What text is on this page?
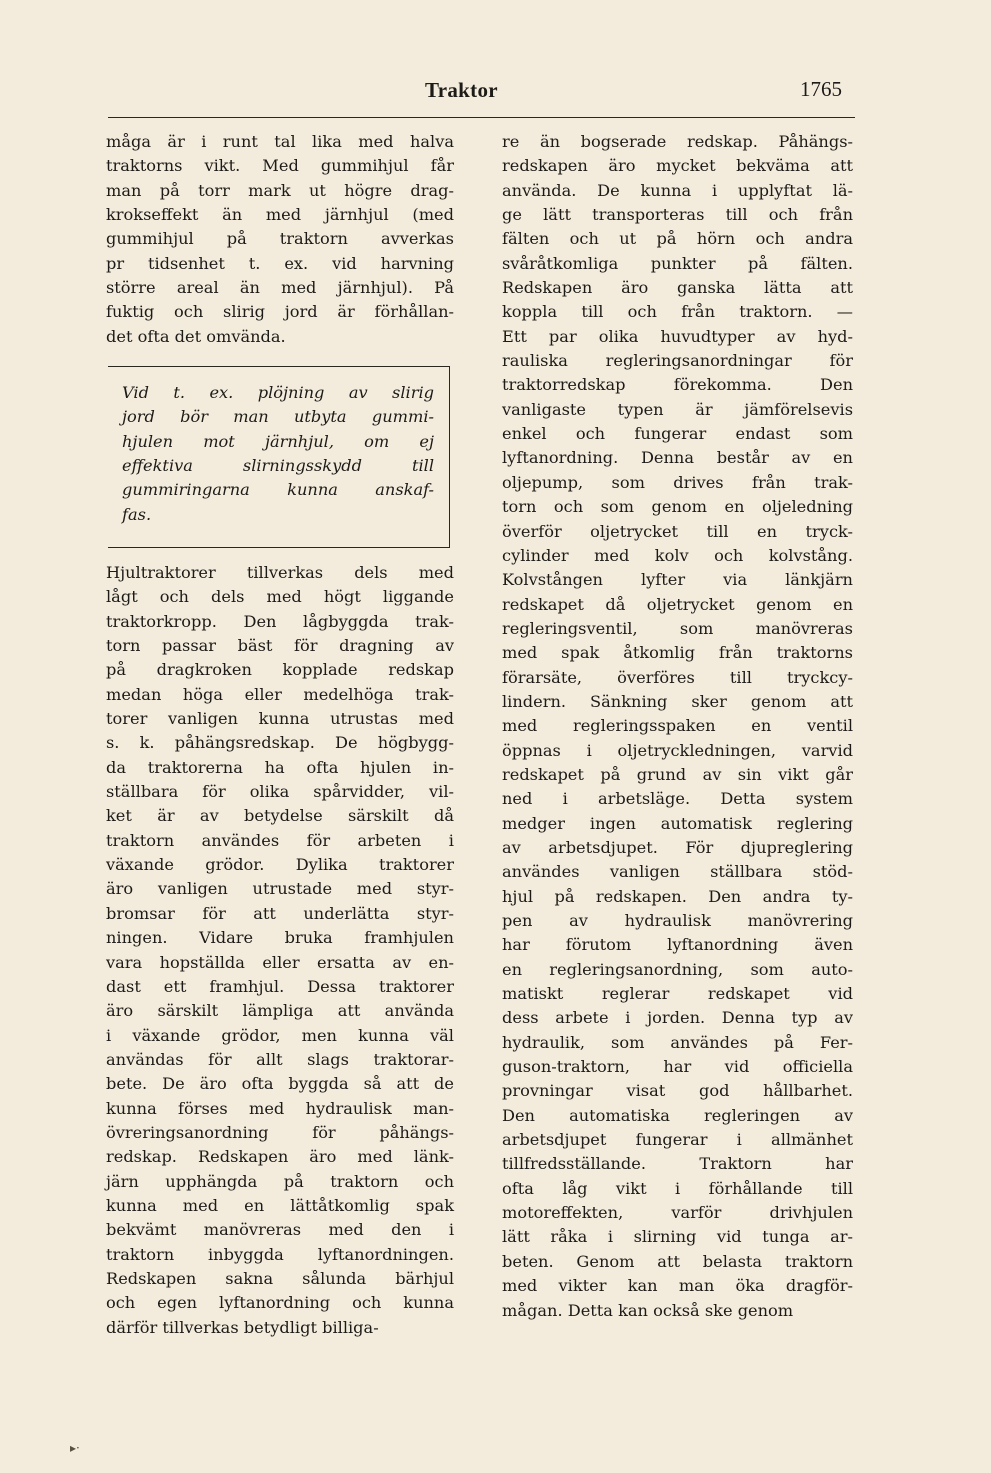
Traktor	1765
måga är i runt tal lika med halva
traktorns vikt. Med gummihjul får
man på torr mark ut högre drag-
krokseffekt än med järnhjul (med
gummihjul på traktorn avverkas
pr tidsenhet t. ex. vid harvning
större areal än med järnhjul). På
fuktig och slirig jord är förhållan-
det ofta det omvända.
Vid t. ex. plöjning av slirig
jord bör man utbyta gummi-
hjulen mot järnhjul, om ej
effektiva slirningsskydd till
gummiringarna kunna anskaf-
fas.
Hjultraktorer tillverkas dels med
lågt och dels med högt liggande
traktorkropp. Den lågbyggda trak-
torn passar bäst för dragning av
på dragkroken kopplade redskap
medan höga eller medelhöga trak-
torer vanligen kunna utrustas med
s. k. påhängsredskap. De högbygg-
da traktorerna ha ofta hjulen in-
ställbara för olika spårvidder, vil-
ket är av betydelse särskilt då
traktorn användes för arbeten i
växande grödor. Dylika traktorer
äro vanligen utrustade med styr-
bromsar för att underlätta styr-
ningen. Vidare bruka framhjulen
vara hopställda eller ersatta av en-
dast ett framhjul. Dessa traktorer
äro särskilt lämpliga att använda
i växande grödor, men kunna väl
användas för allt slags traktorar-
bete. De äro ofta byggda så att de
kunna förses med hydraulisk man-
övreringsanordning för påhängs-
redskap. Redskapen äro med länk-
järn upphängda på traktorn och
kunna med en lättåtkomlig spak
bekvämt manövreras med den i
traktorn inbyggda lyftanordningen.
Redskapen sakna sålunda bärhjul
och egen lyftanordning och kunna
därför tillverkas betydligt billiga-
re än bogserade redskap. Påhängs-
redskapen äro mycket bekväma att
använda. De kunna i upplyftat lä-
ge lätt transporteras till och från
fälten och ut på hörn och andra
svåråtkomliga punkter på fälten.
Redskapen äro ganska lätta att
koppla till och från traktorn. —
Ett par olika huvudtyper av hyd-
rauliska regleringsanordningar för
traktorredskap förekomma. Den
vanligaste typen är jämförelsevis
enkel och fungerar endast som
lyftanordning. Denna består av en
oljepump, som drives från trak-
torn och som genom en oljeledning
överför oljetrycket till en tryck-
cylinder med kolv och kolvstång.
Kolvstången lyfter via länkjärn
redskapet då oljetrycket genom en
regleringsventil, som manövreras
med spak åtkomlig från traktorns
förarsäte, överföres till tryckcy-
lindern. Sänkning sker genom att
med regleringsspaken en ventil
öppnas i oljetryckledningen, varvid
redskapet på grund av sin vikt går
ned i arbetsläge. Detta system
medger ingen automatisk reglering
av arbetsdjupet. För djupreglering
användes vanligen ställbara stöd-
hjul på redskapen. Den andra ty-
pen av hydraulisk manövrering
har förutom lyftanordning även
en regleringsanordning, som auto-
matiskt reglerar redskapet vid
dess arbete i jorden. Denna typ av
hydraulik, som användes på Fer-
guson-traktorn, har vid officiella
provningar visat god hållbarhet.
Den automatiska regleringen av
arbetsdjupet fungerar i allmänhet
tillfredsställande. Traktorn har
ofta låg vikt i förhållande till
motoreffekten, varför drivhjulen
lätt råka i slirning vid tunga ar-
beten. Genom att belasta traktorn
med vikter kan man öka dragför-
mågan. Detta kan också ske genom
▸·
